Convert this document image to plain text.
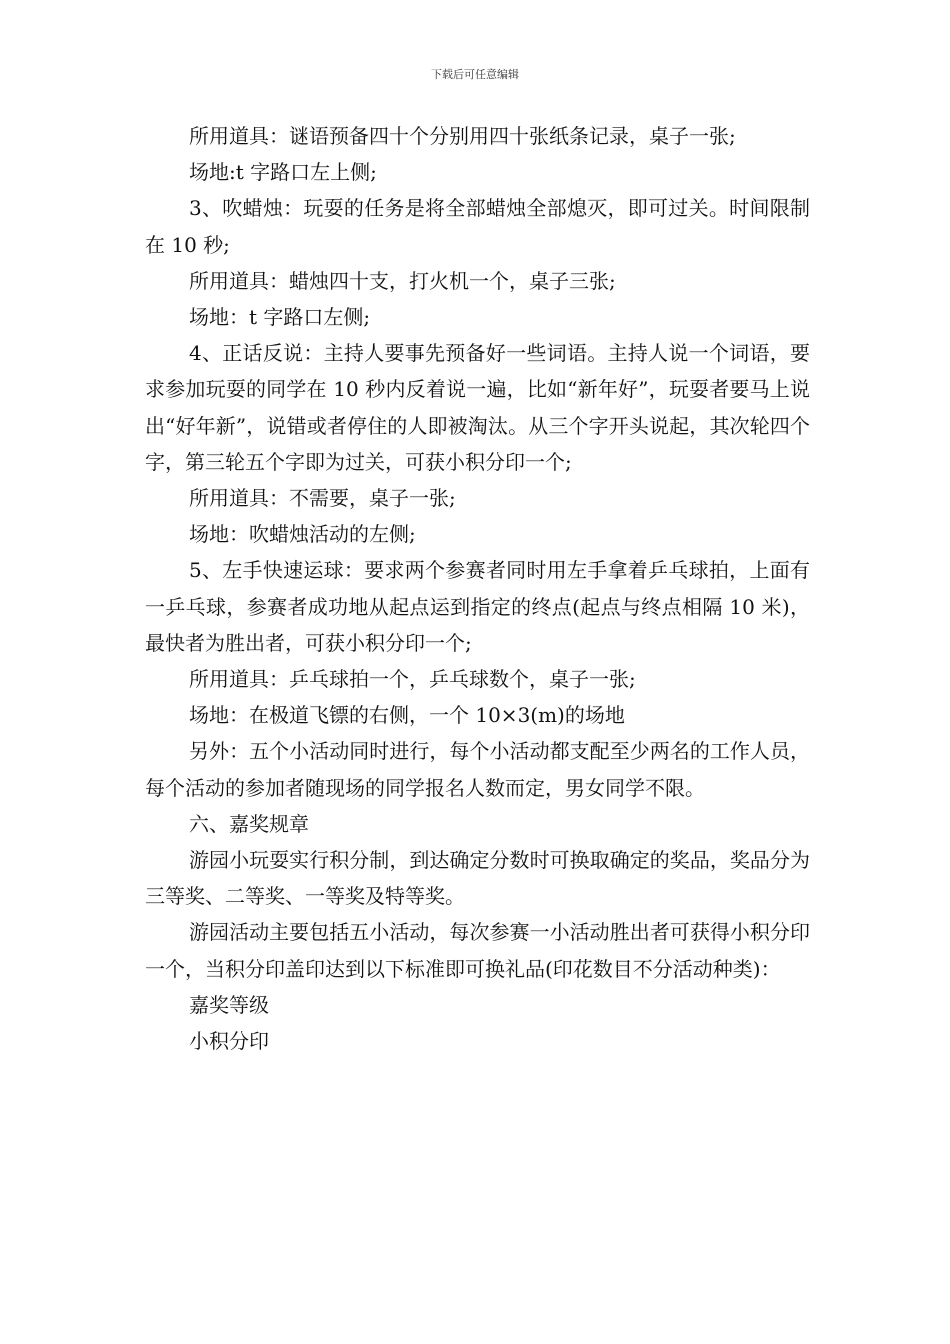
下载后可任意编辑

所用道具：谜语预备四十个分别用四十张纸条记录，桌子一张;

场地:t 字路口左上侧;

3、吹蜡烛：玩耍的任务是将全部蜡烛全部熄灭，即可过关。时间限制在 10 秒;

所用道具：蜡烛四十支，打火机一个，桌子三张;

场地：t 字路口左侧;

4、正话反说：主持人要事先预备好一些词语。主持人说一个词语，要求参加玩耍的同学在 10 秒内反着说一遍，比如“新年好”，玩耍者要马上说出“好年新”，说错或者停住的人即被淘汰。从三个字开头说起，其次轮四个字，第三轮五个字即为过关，可获小积分印一个;

所用道具：不需要，桌子一张;

场地：吹蜡烛活动的左侧;

5、左手快速运球：要求两个参赛者同时用左手拿着乒乓球拍，上面有一乒乓球，参赛者成功地从起点运到指定的终点(起点与终点相隔 10 米)，最快者为胜出者，可获小积分印一个;

所用道具：乒乓球拍一个，乒乓球数个，桌子一张;

场地：在极道飞镖的右侧，一个 10×3(m)的场地

另外：五个小活动同时进行，每个小活动都支配至少两名的工作人员，每个活动的参加者随现场的同学报名人数而定，男女同学不限。

六、嘉奖规章

游园小玩耍实行积分制，到达确定分数时可换取确定的奖品，奖品分为三等奖、二等奖、一等奖及特等奖。

游园活动主要包括五小活动，每次参赛一小活动胜出者可获得小积分印一个，当积分印盖印达到以下标准即可换礼品(印花数目不分活动种类)：

嘉奖等级

小积分印
